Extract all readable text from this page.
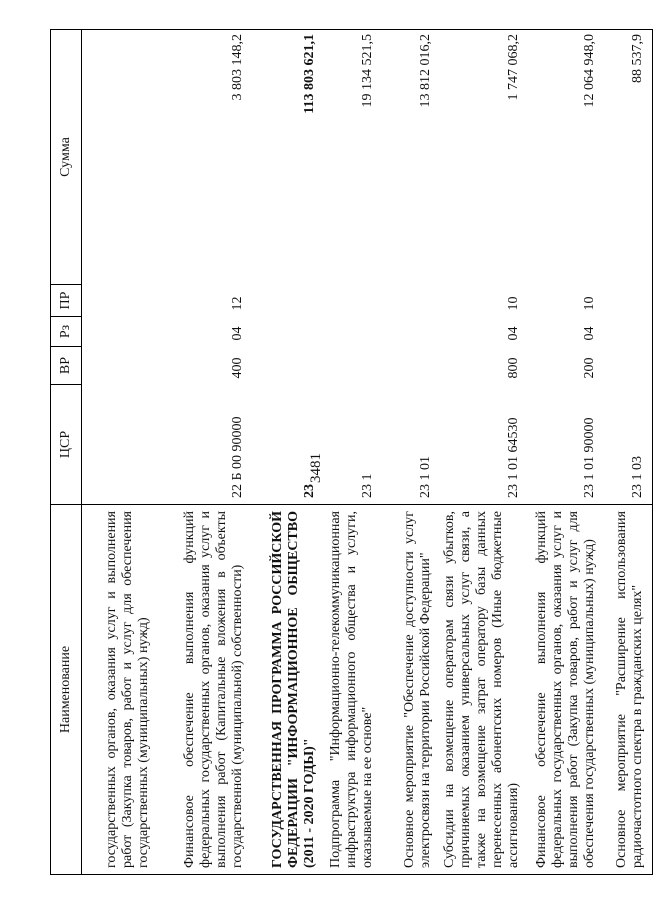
3481
Наименование	ЦСР	ВР	Рз	ПР	Сумма
государственных органов, оказания услуг и выполнения работ (Закупка товаров, работ и услуг для обеспечения государственных (муниципальных) нужд)					
Финансовое обеспечение выполнения функций федеральных государственных органов, оказания услуг и выполнения работ (Капитальные вложения в объекты государственной (муниципальной) собственности)	22 Б 00 90000	400	04	12	3 803 148,2
ГОСУДАРСТВЕННАЯ ПРОГРАММА РОССИЙСКОЙ ФЕДЕРАЦИИ "ИНФОРМАЦИОННОЕ ОБЩЕСТВО (2011 - 2020 ГОДЫ)"	23				113 803 621,1
Подпрограмма "Информационно-телекоммуникационная инфраструктура информационного общества и услуги, оказываемые на ее основе"	23 1				19 134 521,5
Основное мероприятие "Обеспечение доступности услуг электросвязи на территории Российской Федерации"	23 1 01				13 812 016,2
Субсидии на возмещение операторам связи убытков, причиняемых оказанием универсальных услуг связи, а также на возмещение затрат оператору базы данных перенесенных абонентских номеров (Иные бюджетные ассигнования)	23 1 01 64530	800	04	10	1 747 068,2
Финансовое обеспечение выполнения функций федеральных государственных органов, оказания услуг и выполнения работ (Закупка товаров, работ и услуг для обеспечения государственных (муниципальных) нужд)	23 1 01 90000	200	04	10	12 064 948,0
Основное мероприятие "Расширение использования радиочастотного спектра в гражданских целях"	23 1 03				88 537,9
